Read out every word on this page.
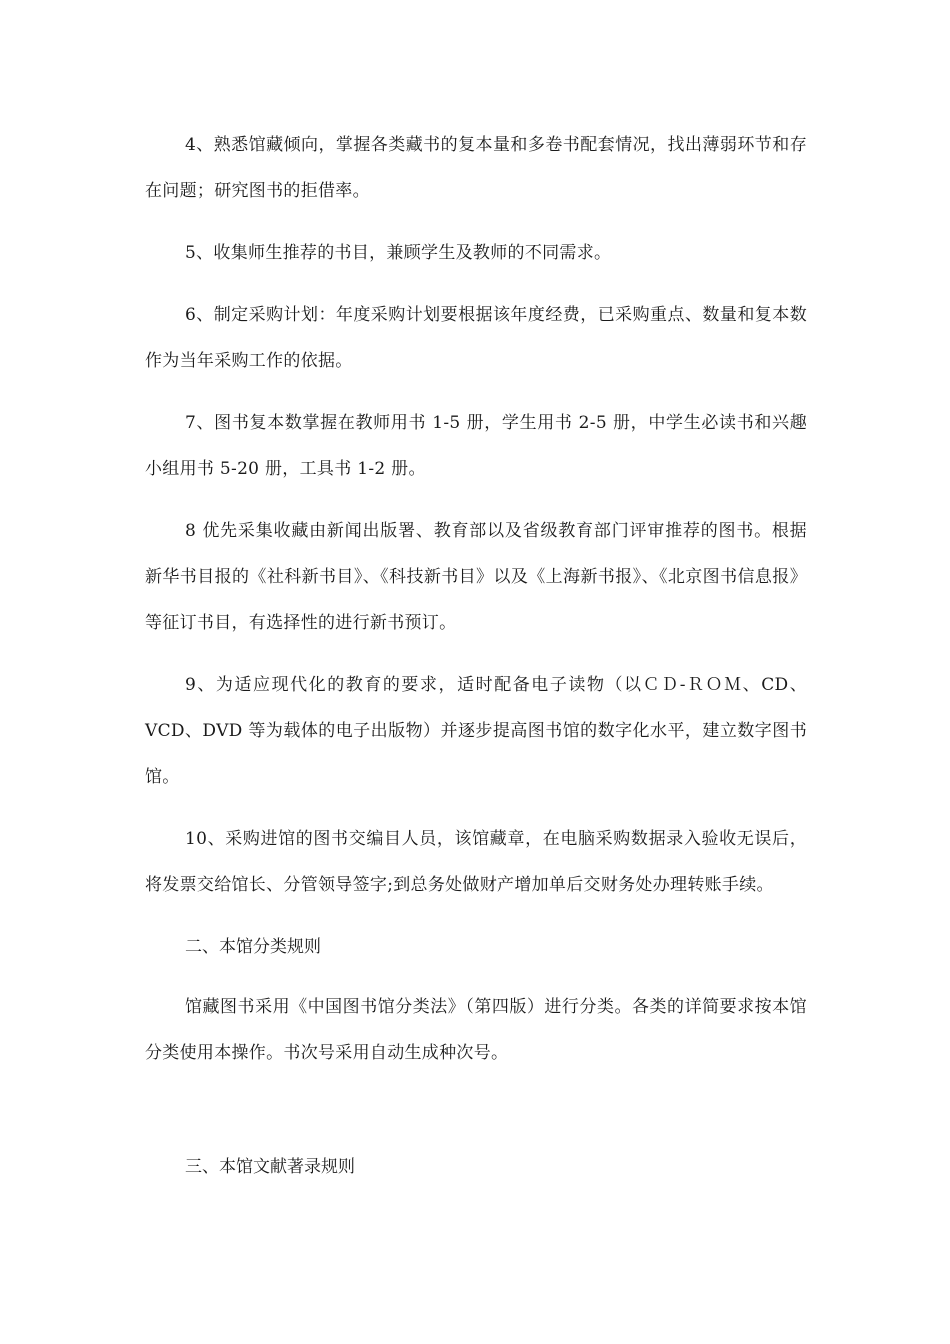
4、熟悉馆藏倾向，掌握各类藏书的复本量和多卷书配套情况，找出薄弱环节和存在问题；研究图书的拒借率。

5、收集师生推荐的书目，兼顾学生及教师的不同需求。

6、制定采购计划：年度采购计划要根据该年度经费，已采购重点、数量和复本数作为当年采购工作的依据。

7、图书复本数掌握在教师用书 1-5 册，学生用书 2-5 册，中学生必读书和兴趣小组用书 5-20 册，工具书 1-2 册。

8 优先采集收藏由新闻出版署、教育部以及省级教育部门评审推荐的图书。根据新华书目报的《社科新书目》、《科技新书目》以及《上海新书报》、《北京图书信息报》等征订书目，有选择性的进行新书预订。

9、为适应现代化的教育的要求，适时配备电子读物（以ＣＤ-ＲＯＭ、CD、VCD、DVD 等为载体的电子出版物）并逐步提高图书馆的数字化水平，建立数字图书馆。

10、采购进馆的图书交编目人员，该馆藏章，在电脑采购数据录入验收无误后，将发票交给馆长、分管领导签字;到总务处做财产增加单后交财务处办理转账手续。

二、本馆分类规则

馆藏图书采用《中国图书馆分类法》（第四版）进行分类。各类的详简要求按本馆分类使用本操作。书次号采用自动生成种次号。

三、本馆文献著录规则
